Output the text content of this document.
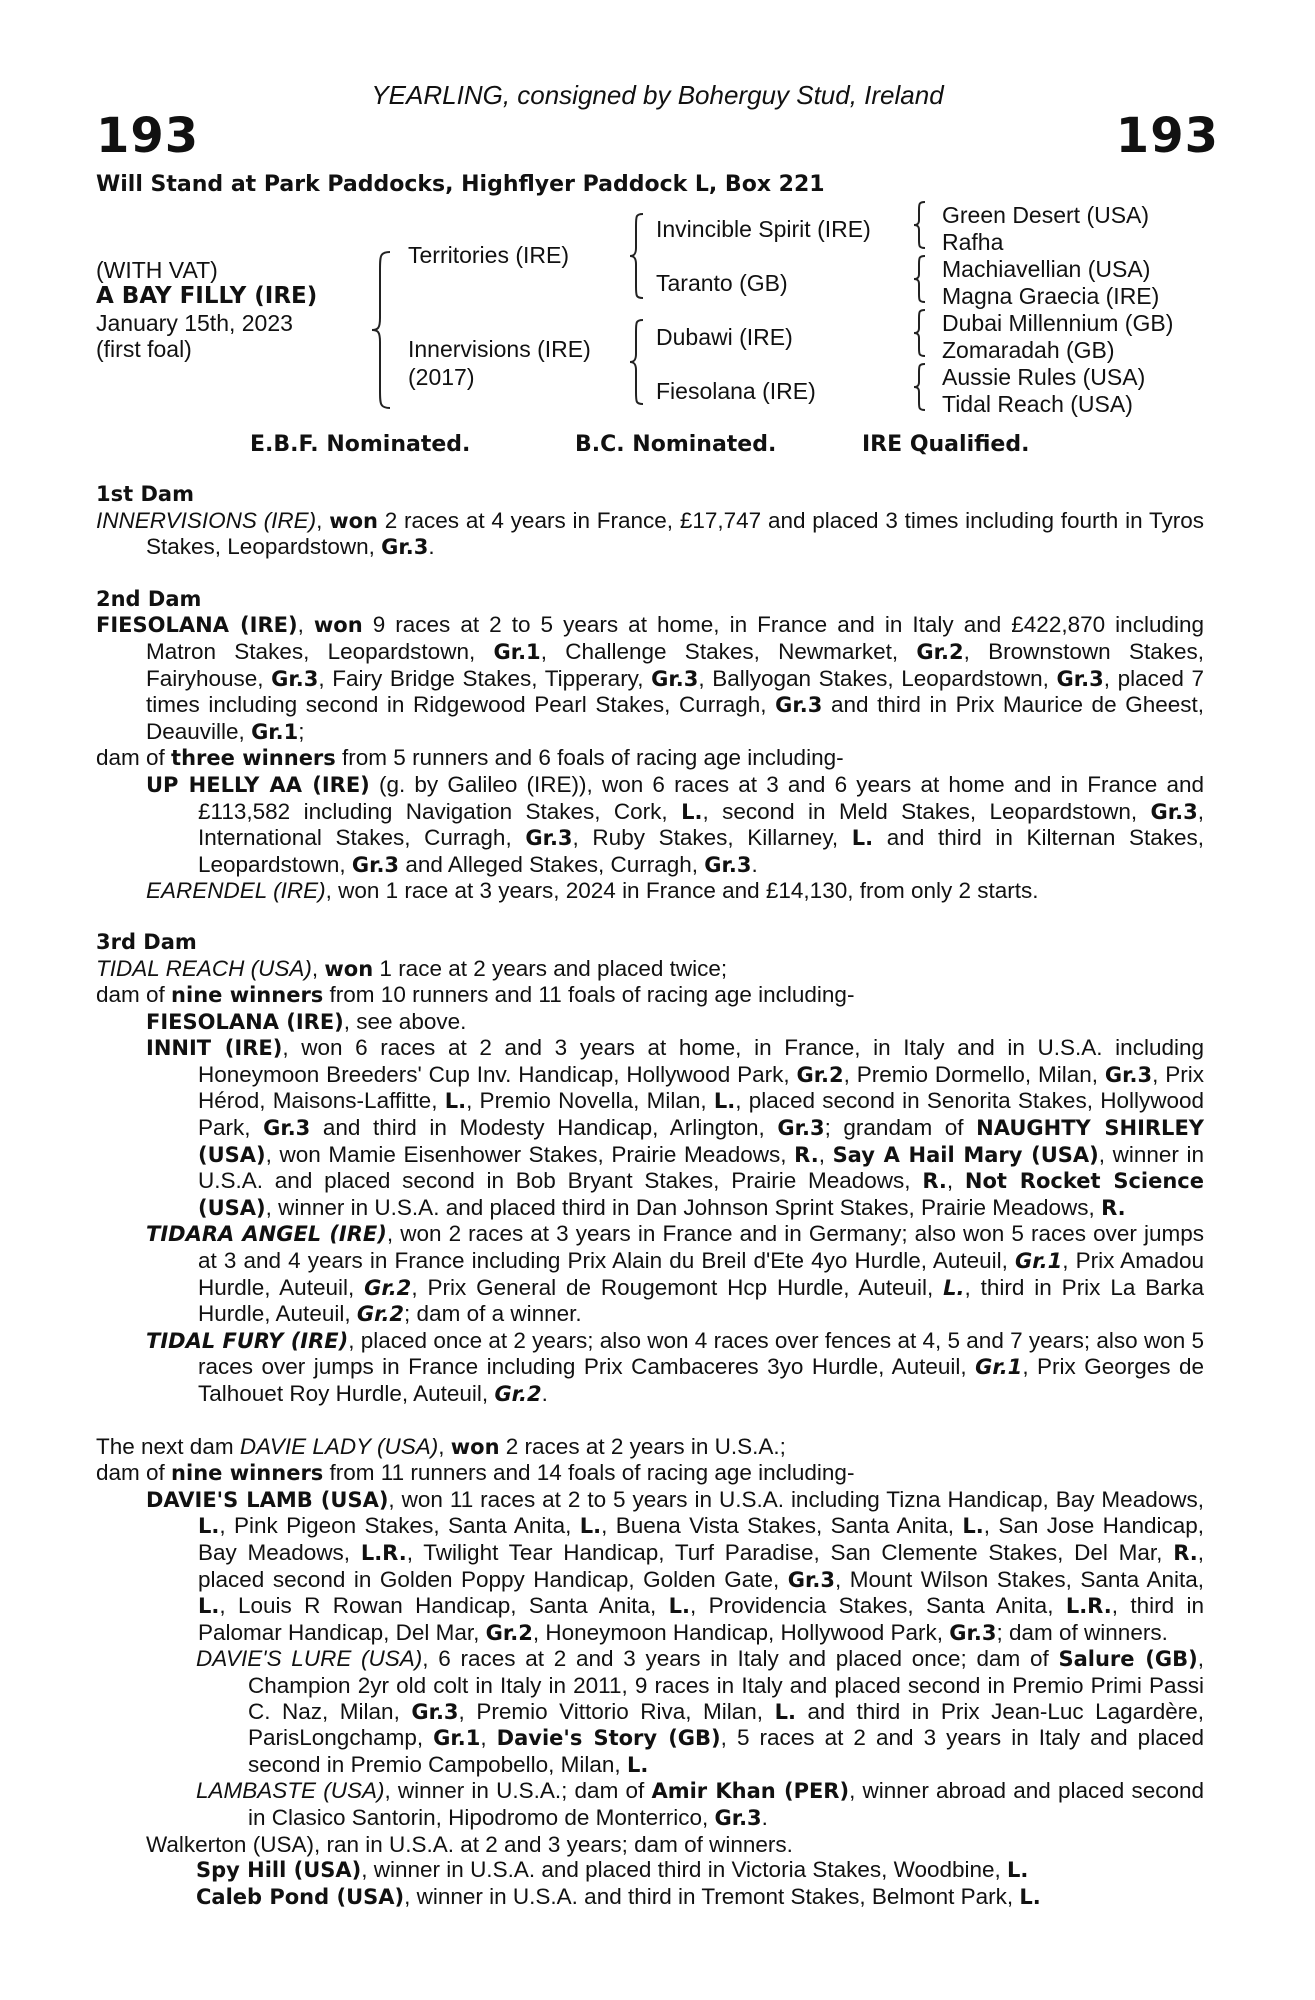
YEARLING, consigned by Boherguy Stud, Ireland
193	193
Will Stand at Park Paddocks, Highflyer Paddock L, Box 221
(WITH VAT)
A BAY FILLY (IRE)
January 15th, 2023
(first foal)
Territories (IRE)
Innervisions (IRE)
(2017)
Invincible Spirit (IRE)
Taranto (GB)
Dubawi (IRE)
Fiesolana (IRE)
Green Desert (USA)
Rafha
Machiavellian (USA)
Magna Graecia (IRE)
Dubai Millennium (GB)
Zomaradah (GB)
Aussie Rules (USA)
Tidal Reach (USA)
E.B.F. Nominated.	B.C. Nominated.	IRE Qualified.

1st Dam

INNERVISIONS (IRE), won 2 races at 4 years in France, £17,747 and placed 3 times including fourth in Tyros Stakes, Leopardstown, Gr.3.

2nd Dam

FIESOLANA (IRE), won 9 races at 2 to 5 years at home, in France and in Italy and £422,870 including Matron Stakes, Leopardstown, Gr.1, Challenge Stakes, Newmarket, Gr.2, Brownstown Stakes, Fairyhouse, Gr.3, Fairy Bridge Stakes, Tipperary, Gr.3, Ballyogan Stakes, Leopardstown, Gr.3, placed 7 times including second in Ridgewood Pearl Stakes, Curragh, Gr.3 and third in Prix Maurice de Gheest, Deauville, Gr.1;

dam of three winners from 5 runners and 6 foals of racing age including-

UP HELLY AA (IRE) (g. by Galileo (IRE)), won 6 races at 3 and 6 years at home and in France and £113,582 including Navigation Stakes, Cork, L., second in Meld Stakes, Leopardstown, Gr.3, International Stakes, Curragh, Gr.3, Ruby Stakes, Killarney, L. and third in Kilternan Stakes, Leopardstown, Gr.3 and Alleged Stakes, Curragh, Gr.3.

EARENDEL (IRE), won 1 race at 3 years, 2024 in France and £14,130, from only 2 starts.

3rd Dam

TIDAL REACH (USA), won 1 race at 2 years and placed twice;

dam of nine winners from 10 runners and 11 foals of racing age including-

FIESOLANA (IRE), see above.

INNIT (IRE), won 6 races at 2 and 3 years at home, in France, in Italy and in U.S.A. including Honeymoon Breeders' Cup Inv. Handicap, Hollywood Park, Gr.2, Premio Dormello, Milan, Gr.3, Prix Hérod, Maisons-Laffitte, L., Premio Novella, Milan, L., placed second in Senorita Stakes, Hollywood Park, Gr.3 and third in Modesty Handicap, Arlington, Gr.3; grandam of NAUGHTY SHIRLEY (USA), won Mamie Eisenhower Stakes, Prairie Meadows, R., Say A Hail Mary (USA), winner in U.S.A. and placed second in Bob Bryant Stakes, Prairie Meadows, R., Not Rocket Science (USA), winner in U.S.A. and placed third in Dan Johnson Sprint Stakes, Prairie Meadows, R.

TIDARA ANGEL (IRE), won 2 races at 3 years in France and in Germany; also won 5 races over jumps at 3 and 4 years in France including Prix Alain du Breil d'Ete 4yo Hurdle, Auteuil, Gr.1, Prix Amadou Hurdle, Auteuil, Gr.2, Prix General de Rougemont Hcp Hurdle, Auteuil, L., third in Prix La Barka Hurdle, Auteuil, Gr.2; dam of a winner.

TIDAL FURY (IRE), placed once at 2 years; also won 4 races over fences at 4, 5 and 7 years; also won 5 races over jumps in France including Prix Cambaceres 3yo Hurdle, Auteuil, Gr.1, Prix Georges de Talhouet Roy Hurdle, Auteuil, Gr.2.

The next dam DAVIE LADY (USA), won 2 races at 2 years in U.S.A.;

dam of nine winners from 11 runners and 14 foals of racing age including-

DAVIE'S LAMB (USA), won 11 races at 2 to 5 years in U.S.A. including Tizna Handicap, Bay Meadows, L., Pink Pigeon Stakes, Santa Anita, L., Buena Vista Stakes, Santa Anita, L., San Jose Handicap, Bay Meadows, L.R., Twilight Tear Handicap, Turf Paradise, San Clemente Stakes, Del Mar, R., placed second in Golden Poppy Handicap, Golden Gate, Gr.3, Mount Wilson Stakes, Santa Anita, L., Louis R Rowan Handicap, Santa Anita, L., Providencia Stakes, Santa Anita, L.R., third in Palomar Handicap, Del Mar, Gr.2, Honeymoon Handicap, Hollywood Park, Gr.3; dam of winners.

DAVIE'S LURE (USA), 6 races at 2 and 3 years in Italy and placed once; dam of Salure (GB), Champion 2yr old colt in Italy in 2011, 9 races in Italy and placed second in Premio Primi Passi C. Naz, Milan, Gr.3, Premio Vittorio Riva, Milan, L. and third in Prix Jean-Luc Lagardère, ParisLongchamp, Gr.1, Davie's Story (GB), 5 races at 2 and 3 years in Italy and placed second in Premio Campobello, Milan, L.

LAMBASTE (USA), winner in U.S.A.; dam of Amir Khan (PER), winner abroad and placed second in Clasico Santorin, Hipodromo de Monterrico, Gr.3.

Walkerton (USA), ran in U.S.A. at 2 and 3 years; dam of winners.

Spy Hill (USA), winner in U.S.A. and placed third in Victoria Stakes, Woodbine, L.

Caleb Pond (USA), winner in U.S.A. and third in Tremont Stakes, Belmont Park, L.
